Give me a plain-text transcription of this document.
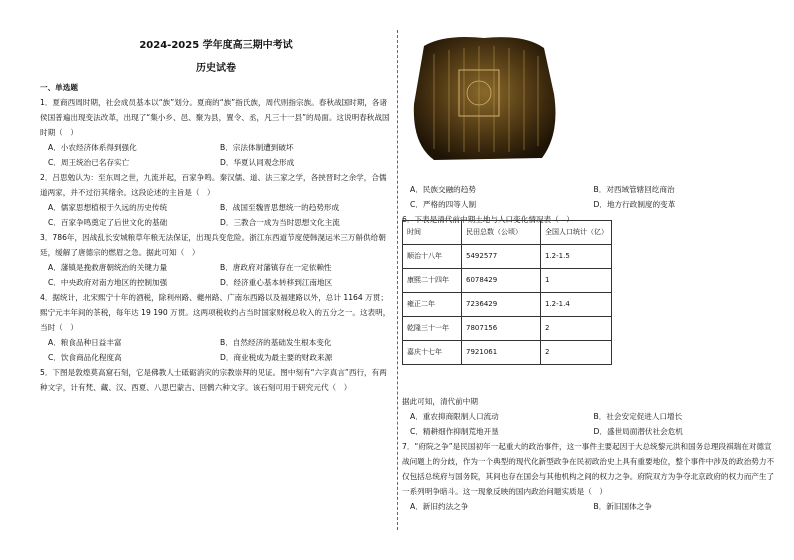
2024-2025 学年度高三期中考试
历史试卷
一、单选题

1．夏商西周时期，社会成员基本以“族”划分。夏商的“族”指氏族，周代则指宗族。春秋战国时期，各诸侯国普遍出现变法改革，出现了“集小乡、邑、聚为县，置令、丞，凡三十一县”的局面。这说明春秋战国时期（　）

A．小农经济体系得到强化	B．宗法体制遭到破坏
C．周王统治已名存实亡	D．华夏认同观念形成

2．吕思勉认为：至东周之世，九流并起，百家争鸣。秦汉儒、道、法三家之学，各挟晋时之余学，合儒道两家，并不过衍其绪余。这段论述的主旨是（　）

A．儒家思想植根于久远的历史传统	B．战国至魏晋思想统一的趋势形成
C．百家争鸣奠定了后世文化的基础	D．三教合一成为当时思想文化主流

3．786年，因战乱长安城粮草年粮无法保证，出现兵变危险。浙江东西道节度使韩滉运米三万斛供给朝廷，缓解了唐德宗的燃眉之急。据此可知（　）

A．藩镇是挽救唐朝统治的关键力量	B．唐政府对藩镇存在一定依赖性
C．中央政府对南方地区的控制加强	D．经济重心基本转移到江南地区

4．据统计，北宋熙宁十年的酒税，除利州路、夔州路、广南东西路以及福建路以外，总计 1164 万贯；熙宁元丰年间的茶税，每年达 19 190 万贯。这两项税收约占当时国家财税总收入的五分之一。这表明，当时（　）

A．粮食品种日益丰富	B．自然经济的基础发生根本变化
C．饮食商品化程度高	D．商业税成为最主要的财政来源

5．下图是敦煌莫高窟石刻，它是佛教人士砥砺消灾的宗教崇拜的见证。图中刻有“六字真言”西行，有两种文字，计有梵、藏、汉、西夏、八思巴蒙古、回鹘六种文字。该石刻可用于研究元代（　）

A．民族交融的趋势	B．对西域管辖回纥商治
C．严格的四等人制	D．地方行政制度的变革

6．下表是清代前中期土地与人口变化情况表（　）

时间	民田总数（公顷）	全国人口统计（亿）
顺治十八年	5492577	1.2-1.5
康熙二十四年	6078429	1
雍正二年	7236429	1.2-1.4
乾隆三十一年	7807156	2
嘉庆十七年	7921061	2

据此可知，清代前中期

A．重农抑商限制人口流动	B．社会安定促进人口增长
C．精耕细作抑制荒地开垦	D．盛世局面潜伏社会危机

7．“府院之争”是民国初年一起重大的政治事件，这一事件主要起因于大总统黎元洪和国务总理段祺瑞在对德宣战问题上的分歧，作为一个典型的现代化新型政争在民初政治史上具有重要地位，整个事件中涉及的政治势力不仅包括总统府与国务院，其间也存在国会与其他机构之间的权力之争。府院双方为争夺北京政府的权力而产生了一系列明争暗斗。这一现象反映的国内政治问题实质是（　）

A．新旧约法之争	B．新旧国体之争
